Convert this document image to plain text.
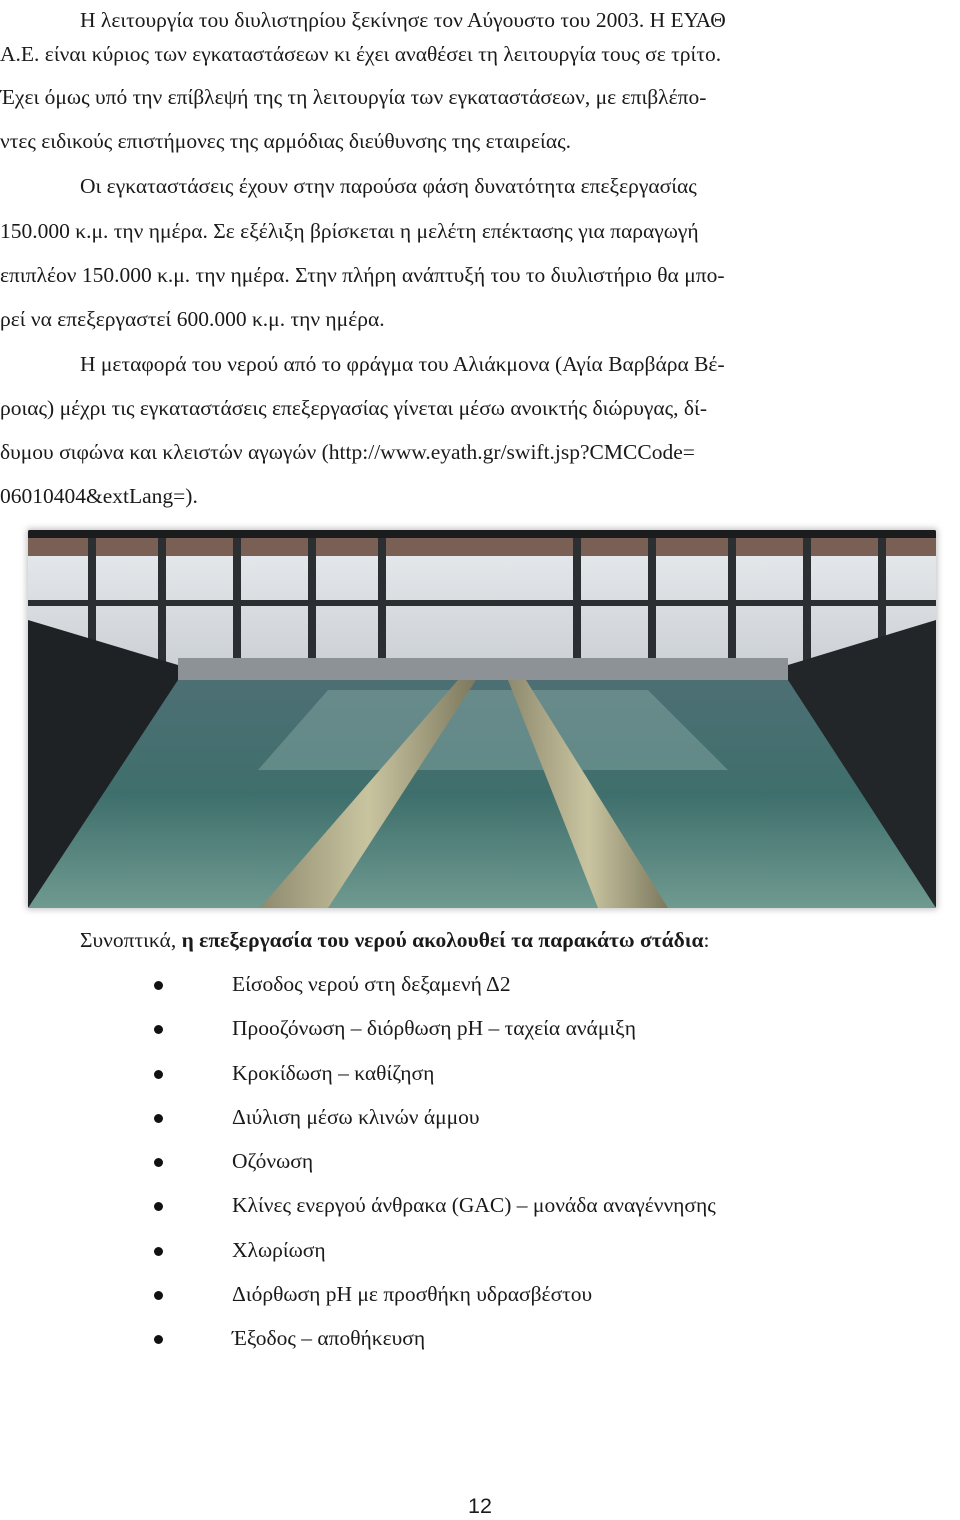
Η λειτουργία του διυλιστηρίου ξεκίνησε τον Αύγουστο του 2003. Η ΕΥΑΘ
Α.Ε. είναι κύριος των εγκαταστάσεων κι έχει αναθέσει τη λειτουργία τους σε τρίτο.
Έχει όμως υπό την επίβλεψή της τη λειτουργία των εγκαταστάσεων, με επιβλέπο-
ντες ειδικούς επιστήμονες της αρμόδιας διεύθυνσης της εταιρείας.
Οι εγκαταστάσεις έχουν στην παρούσα φάση δυνατότητα επεξεργασίας
150.000 κ.μ. την ημέρα. Σε εξέλιξη βρίσκεται η μελέτη επέκτασης για παραγωγή
επιπλέον 150.000 κ.μ. την ημέρα. Στην πλήρη ανάπτυξή του το διυλιστήριο θα μπο-
ρεί να επεξεργαστεί 600.000 κ.μ. την ημέρα.
Η μεταφορά του νερού από το φράγμα του Αλιάκμονα (Αγία Βαρβάρα Βέ-
ροιας) μέχρι τις εγκαταστάσεις επεξεργασίας γίνεται μέσω ανοικτής διώρυγας, δί-
δυμου σιφώνα και κλειστών αγωγών (http://www.eyath.gr/swift.jsp?CMCCode=
06010404&extLang=).
Συνοπτικά, η επεξεργασία του νερού ακολουθεί τα παρακάτω στάδια:
Είσοδος νερού στη δεξαμενή Δ2
Προοζόνωση – διόρθωση pH – ταχεία ανάμιξη
Κροκίδωση – καθίζηση
Διύλιση μέσω κλινών άμμου
Οζόνωση
Κλίνες ενεργού άνθρακα (GAC) – μονάδα αναγέννησης
Χλωρίωση
Διόρθωση pH με προσθήκη υδρασβέστου
Έξοδος – αποθήκευση
12
